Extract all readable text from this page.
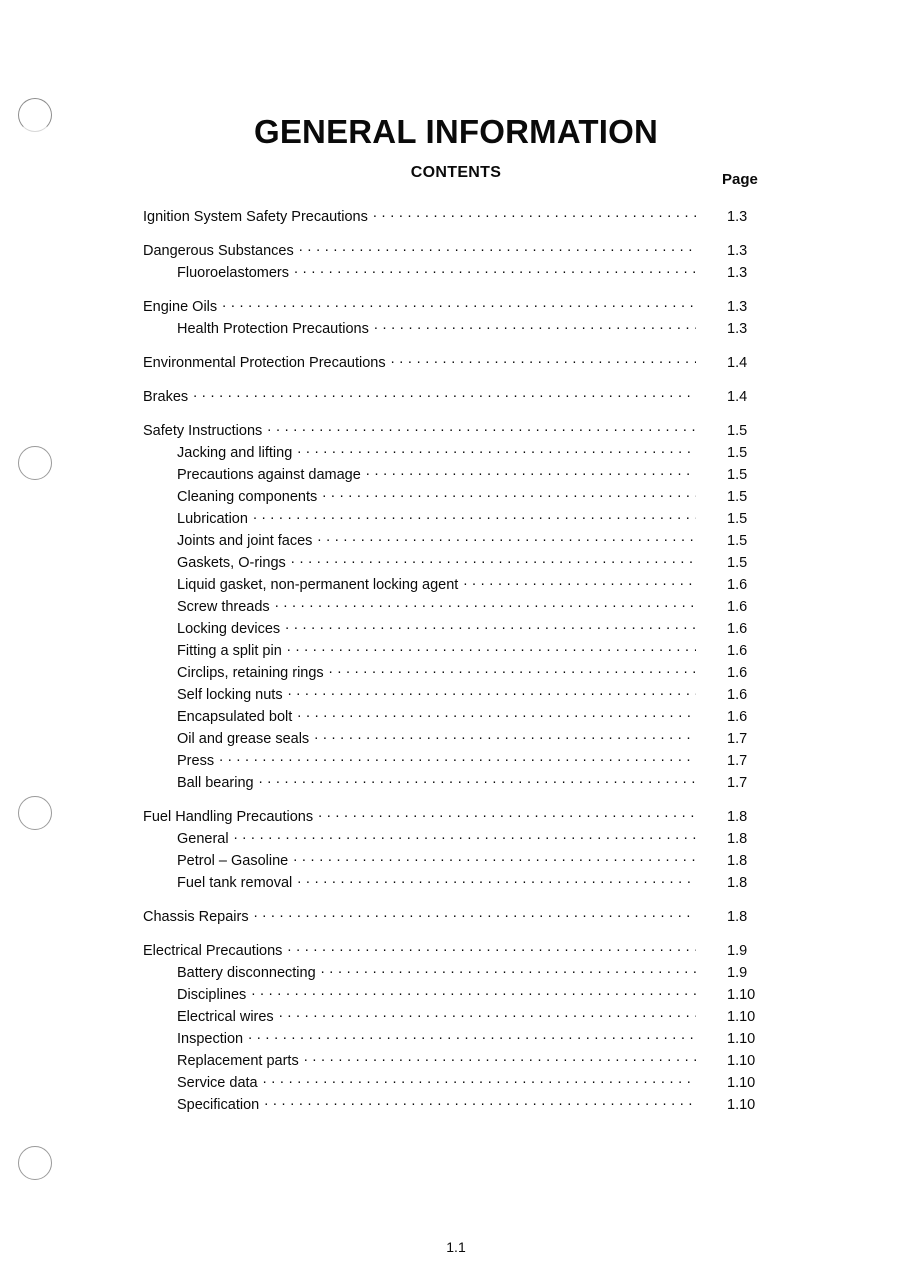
GENERAL INFORMATION
CONTENTS	Page
Ignition System Safety Precautions . . .	1.3
Dangerous Substances . . .	1.3
Fluoroelastomers . . .	1.3
Engine Oils . . .	1.3
Health Protection Precautions . . .	1.3
Environmental Protection Precautions . . .	1.4
Brakes . . .	1.4
Safety Instructions . . .	1.5
Jacking and lifting . . .	1.5
Precautions against damage . . .	1.5
Cleaning components . . .	1.5
Lubrication . . .	1.5
Joints and joint faces . . .	1.5
Gaskets, O-rings . . .	1.5
Liquid gasket, non-permanent locking agent . . .	1.6
Screw threads . . .	1.6
Locking devices . . .	1.6
Fitting a split pin . . .	1.6
Circlips, retaining rings . . .	1.6
Self locking nuts . . .	1.6
Encapsulated bolt . . .	1.6
Oil and grease seals . . .	1.7
Press . . .	1.7
Ball bearing . . .	1.7
Fuel Handling Precautions . . .	1.8
General . . .	1.8
Petrol – Gasoline . . .	1.8
Fuel tank removal . . .	1.8
Chassis Repairs . . .	1.8
Electrical Precautions . . .	1.9
Battery disconnecting . . .	1.9
Disciplines . . .	1.10
Electrical wires . . .	1.10
Inspection . . .	1.10
Replacement parts . . .	1.10
Service data . . .	1.10
Specification . . .	1.10
1.1
